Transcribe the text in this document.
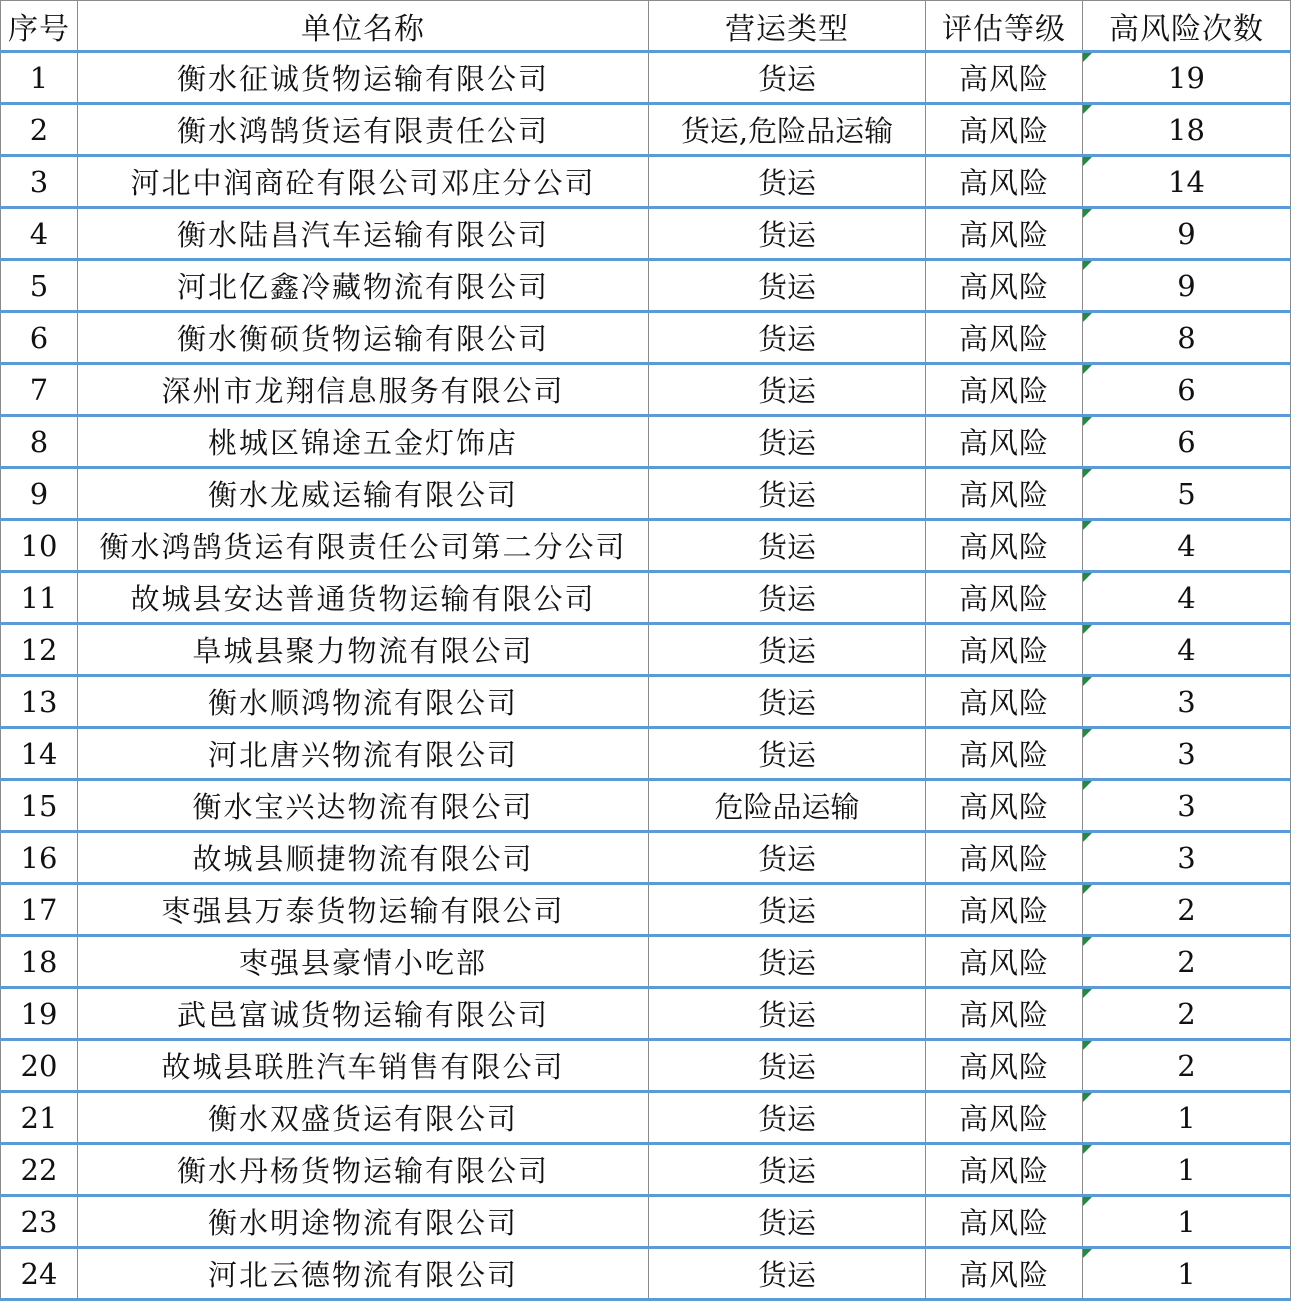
序号	单位名称	营运类型	评估等级	高风险次数
1	衡水征诚货物运输有限公司	货运	高风险	19
2	衡水鸿鹄货运有限责任公司	货运,危险品运输	高风险	18
3	河北中润商砼有限公司邓庄分公司	货运	高风险	14
4	衡水陆昌汽车运输有限公司	货运	高风险	9
5	河北亿鑫冷藏物流有限公司	货运	高风险	9
6	衡水衡硕货物运输有限公司	货运	高风险	8
7	深州市龙翔信息服务有限公司	货运	高风险	6
8	桃城区锦途五金灯饰店	货运	高风险	6
9	衡水龙威运输有限公司	货运	高风险	5
10	衡水鸿鹄货运有限责任公司第二分公司	货运	高风险	4
11	故城县安达普通货物运输有限公司	货运	高风险	4
12	阜城县聚力物流有限公司	货运	高风险	4
13	衡水顺鸿物流有限公司	货运	高风险	3
14	河北唐兴物流有限公司	货运	高风险	3
15	衡水宝兴达物流有限公司	危险品运输	高风险	3
16	故城县顺捷物流有限公司	货运	高风险	3
17	枣强县万泰货物运输有限公司	货运	高风险	2
18	枣强县豪情小吃部	货运	高风险	2
19	武邑富诚货物运输有限公司	货运	高风险	2
20	故城县联胜汽车销售有限公司	货运	高风险	2
21	衡水双盛货运有限公司	货运	高风险	1
22	衡水丹杨货物运输有限公司	货运	高风险	1
23	衡水明途物流有限公司	货运	高风险	1
24	河北云德物流有限公司	货运	高风险	1
